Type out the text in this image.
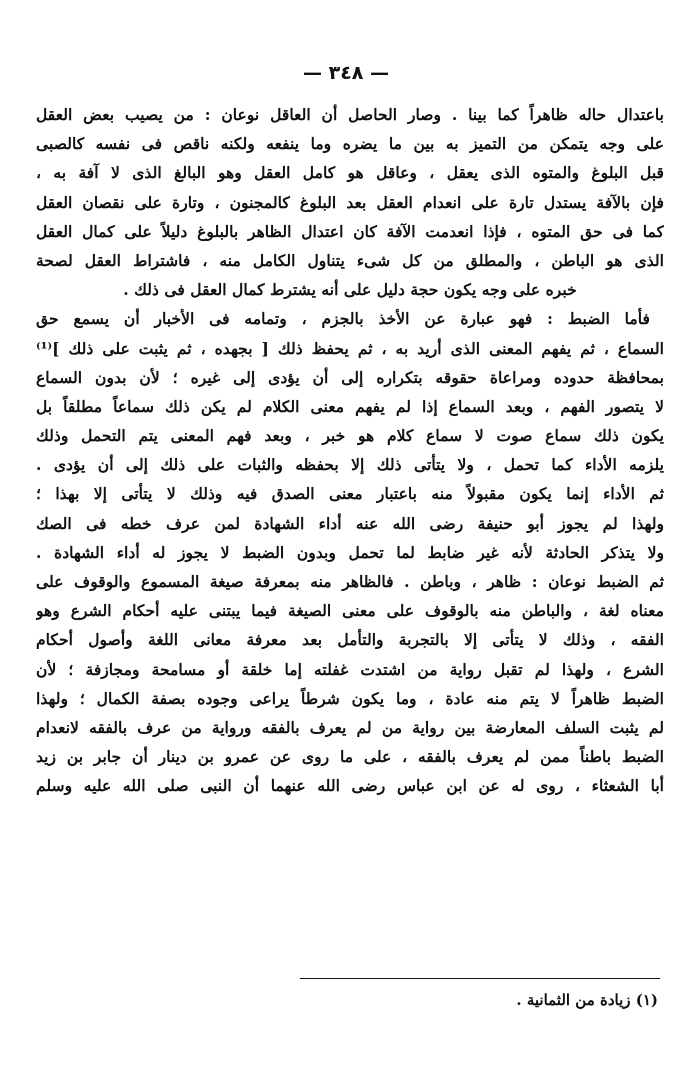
— ٣٤٨ —
باعتدال حاله ظاهراً كما بينا . وصار الحاصل أن العاقل نوعان : من يصيب بعض العقل
على وجه يتمكن من التميز به بين ما يضره وما ينفعه ولكنه ناقص فى نفسه كالصبى
قبل البلوغ والمتوه الذى يعقل ، وعاقل هو كامل العقل وهو البالغ الذى لا آفة به ،
فإن بالآفة يستدل تارة على انعدام العقل بعد البلوغ كالمجنون ، وتارة على نقصان العقل
كما فى حق المتوه ، فإذا انعدمت الآفة كان اعتدال الظاهر بالبلوغ دليلاً على كمال العقل
الذى هو الباطن ، والمطلق من كل شىء يتناول الكامل منه ، فاشتراط العقل لصحة
خبره على وجه يكون حجة دليل على أنه يشترط كمال العقل فى ذلك .
فأما الضبط : فهو عبارة عن الأخذ بالجزم ، وتمامه فى الأخبار أن يسمع حق
السماع ، ثم يفهم المعنى الذى أريد به ، ثم يحفظ ذلك [ بجهده ، ثم يثبت على ذلك ]⁽¹⁾
بمحافظة حدوده ومراعاة حقوقه بتكراره إلى أن يؤدى إلى غيره ؛ لأن بدون السماع
لا يتصور الفهم ، وبعد السماع إذا لم يفهم معنى الكلام لم يكن ذلك سماعاً مطلقاً بل
يكون ذلك سماع صوت لا سماع كلام هو خبر ، وبعد فهم المعنى يتم التحمل وذلك
يلزمه الأداء كما تحمل ، ولا يتأتى ذلك إلا بحفظه والثبات على ذلك إلى أن يؤدى .
ثم الأداء إنما يكون مقبولاً منه باعتبار معنى الصدق فيه وذلك لا يتأتى إلا بهذا ؛
ولهذا لم يجوز أبو حنيفة رضى الله عنه أداء الشهادة لمن عرف خطه فى الصك
ولا يتذكر الحادثة لأنه غير ضابط لما تحمل وبدون الضبط لا يجوز له أداء الشهادة .
ثم الضبط نوعان : ظاهر ، وباطن . فالظاهر منه بمعرفة صيغة المسموع والوقوف على
معناه لغة ، والباطن منه بالوقوف على معنى الصيغة فيما يبتنى عليه أحكام الشرع وهو
الفقه ، وذلك لا يتأتى إلا بالتجربة والتأمل بعد معرفة معانى اللغة وأصول أحكام
الشرع ، ولهذا لم تقبل رواية من اشتدت غفلته إما خلقة أو مسامحة ومجازفة ؛ لأن
الضبط ظاهراً لا يتم منه عادة ، وما يكون شرطاً يراعى وجوده بصفة الكمال ؛ ولهذا
لم يثبت السلف المعارضة بين رواية من لم يعرف بالفقه ورواية من عرف بالفقه لانعدام
الضبط باطناً ممن لم يعرف بالفقه ، على ما روى عن عمرو بن دينار أن جابر بن زيد
أبا الشعثاء ، روى له عن ابن عباس رضى الله عنهما أن النبى صلى الله عليه وسلم
(١) زيادة من الثمانية .
